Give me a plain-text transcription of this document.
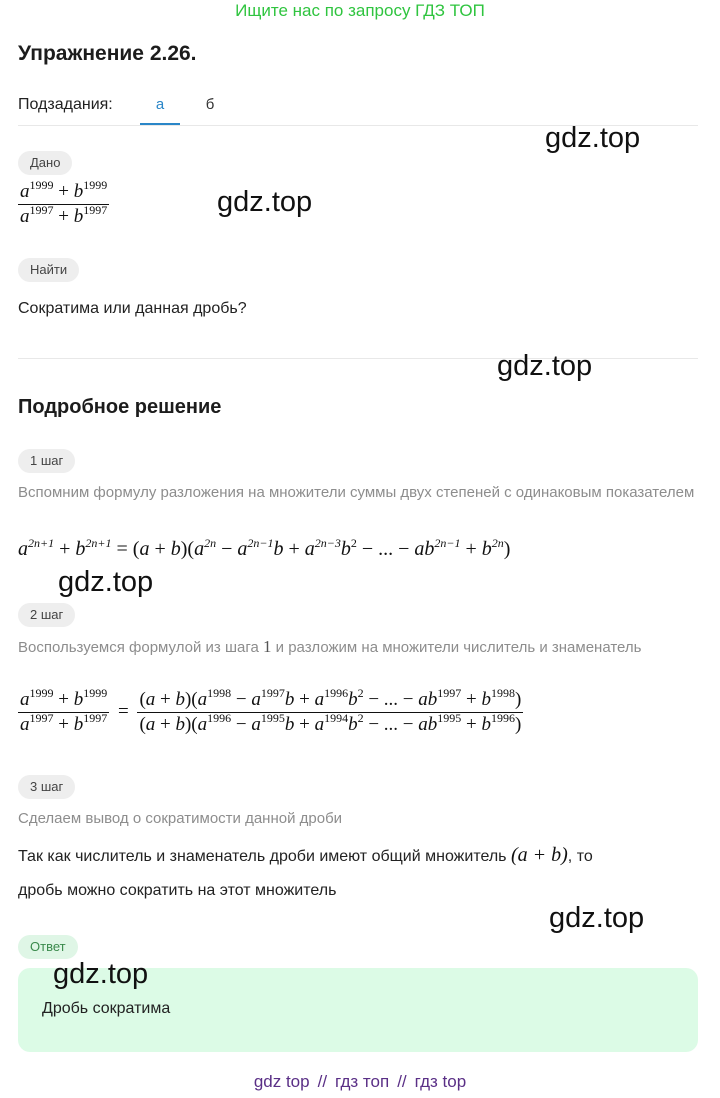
Ищите нас по запросу ГДЗ ТОП
Упражнение 2.26.
Подзадания:	а	б
Дано
$\frac{a^{1999} + b^{1999}}{a^{1997} + b^{1997}}$
Найти
Сократима или данная дробь?
Подробное решение
1 шаг
Вспомним формулу разложения на множители суммы двух степеней с одинаковым показателем
$a^{2n+1} + b^{2n+1} = (a + b)(a^{2n} - a^{2n-1}b + a^{2n-3}b^2$ − ... − $ab^{2n-1} + b^{2n}$)
2 шаг
Воспользуемся формулой из шага 1 и разложим на множители числитель и знаменатель
$\frac{a^{1999} + b^{1999}}{a^{1997} + b^{1997}} = \frac{(a + b)(a^{1998} - a^{1997}b + a^{1996}b^2 - ... - ab^{1997} + b^{1998})}{(a + b)(a^{1996} - a^{1995}b + a^{1994}b^2 - ... - ab^{1995} + b^{1996})}$
3 шаг
Сделаем вывод о сократимости данной дроби
Так как числитель и знаменатель дроби имеют общий множитель (a + b), то
дробь можно сократить на этот множитель
Ответ
Дробь сократима
gdz.top
gdz.top
gdz.top
gdz.top
gdz.top
gdz.top
gdz top // гдз топ // гдз top
